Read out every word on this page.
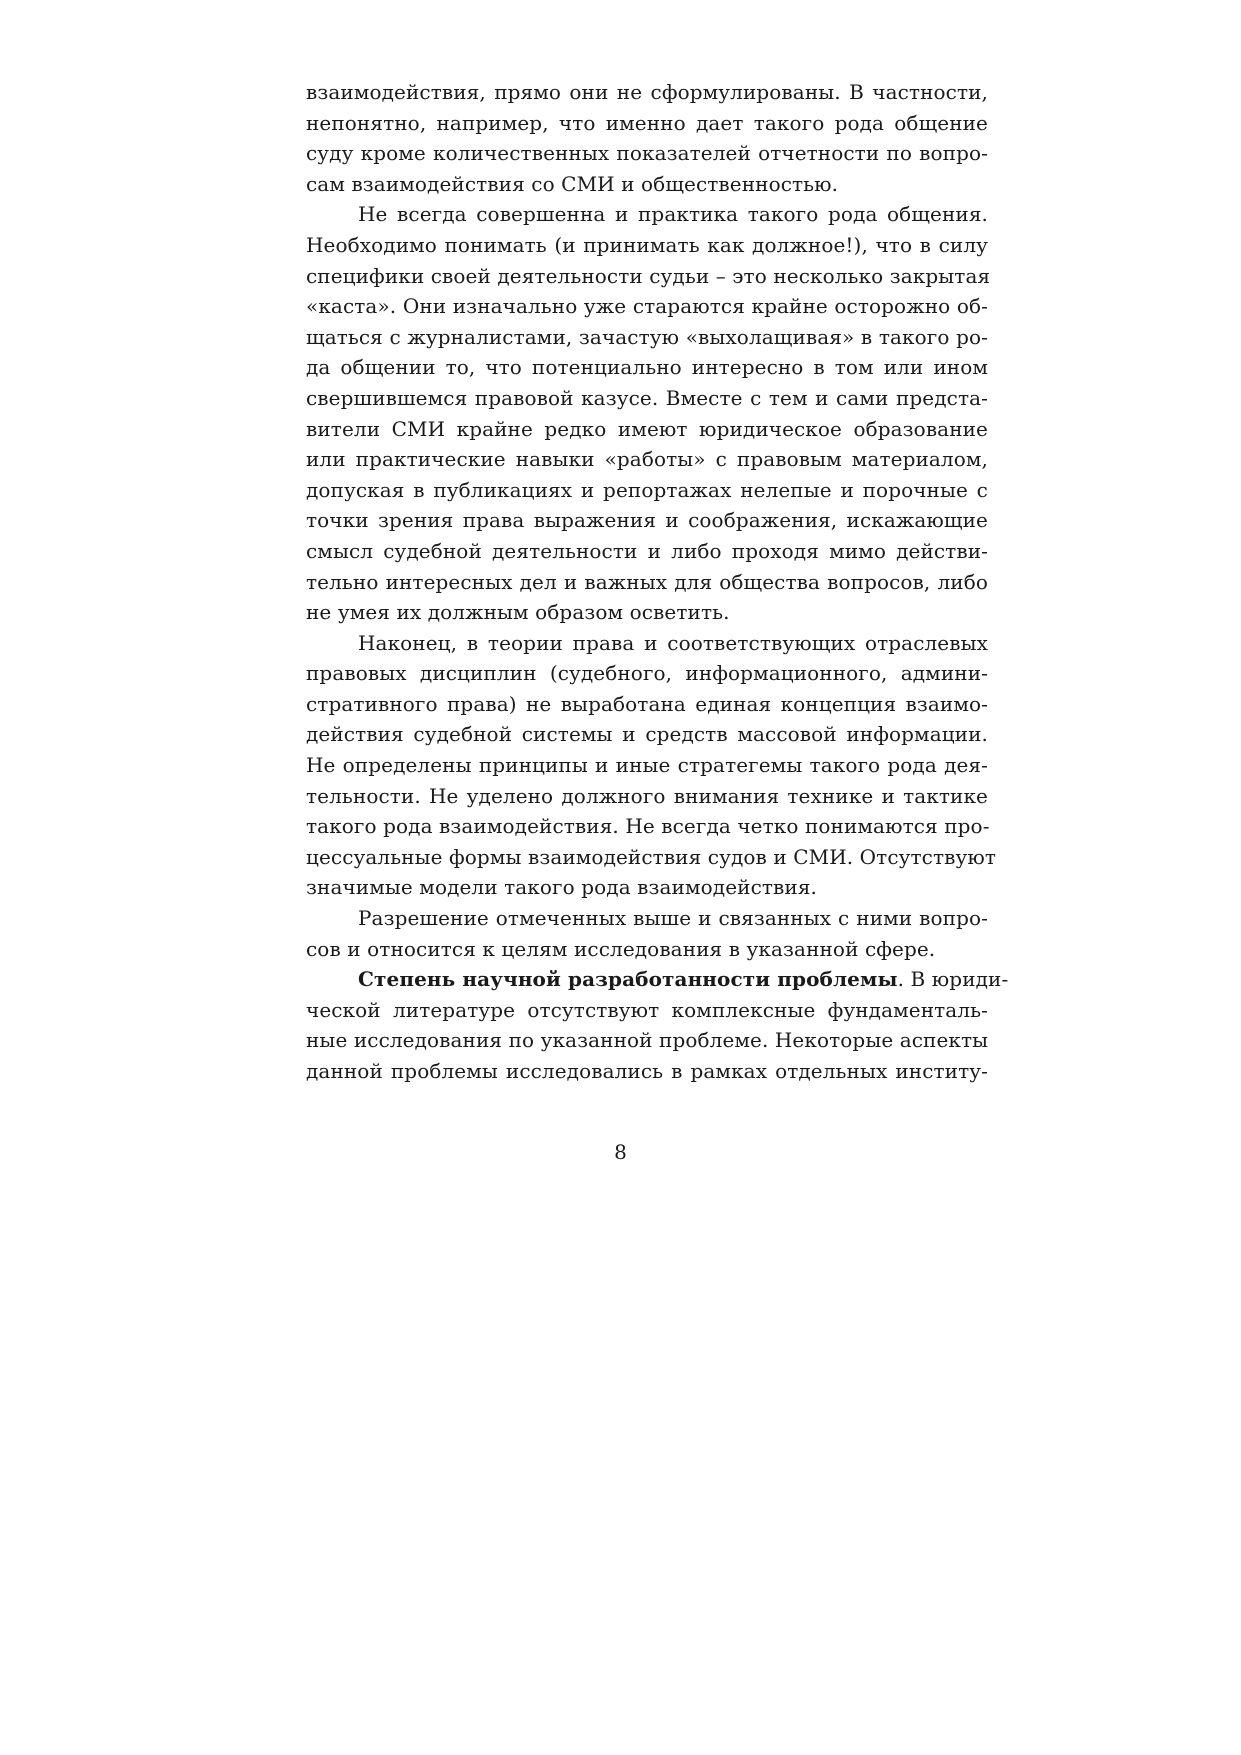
взаимодействия, прямо они не сформулированы. В частности,
непонятно, например, что именно дает такого рода общение
суду кроме количественных показателей отчетности по вопро-
сам взаимодействия со СМИ и общественностью.
Не всегда совершенна и практика такого рода общения.
Необходимо понимать (и принимать как должное!), что в силу
специфики своей деятельности судьи – это несколько закрытая
«каста». Они изначально уже стараются крайне осторожно об-
щаться с журналистами, зачастую «выхолащивая» в такого ро-
да общении то, что потенциально интересно в том или ином
свершившемся правовой казусе. Вместе с тем и сами предста-
вители СМИ крайне редко имеют юридическое образование
или практические навыки «работы» с правовым материалом,
допуская в публикациях и репортажах нелепые и порочные с
точки зрения права выражения и соображения, искажающие
смысл судебной деятельности и либо проходя мимо действи-
тельно интересных дел и важных для общества вопросов, либо
не умея их должным образом осветить.
Наконец, в теории права и соответствующих отраслевых
правовых дисциплин (судебного, информационного, админи-
стративного права) не выработана единая концепция взаимо-
действия судебной системы и средств массовой информации.
Не определены принципы и иные стратегемы такого рода дея-
тельности. Не уделено должного внимания технике и тактике
такого рода взаимодействия. Не всегда четко понимаются про-
цессуальные формы взаимодействия судов и СМИ. Отсутствуют
значимые модели такого рода взаимодействия.
Разрешение отмеченных выше и связанных с ними вопро-
сов и относится к целям исследования в указанной сфере.
Степень научной разработанности проблемы. В юриди-
ческой литературе отсутствуют комплексные фундаменталь-
ные исследования по указанной проблеме. Некоторые аспекты
данной проблемы исследовались в рамках отдельных институ-
8
